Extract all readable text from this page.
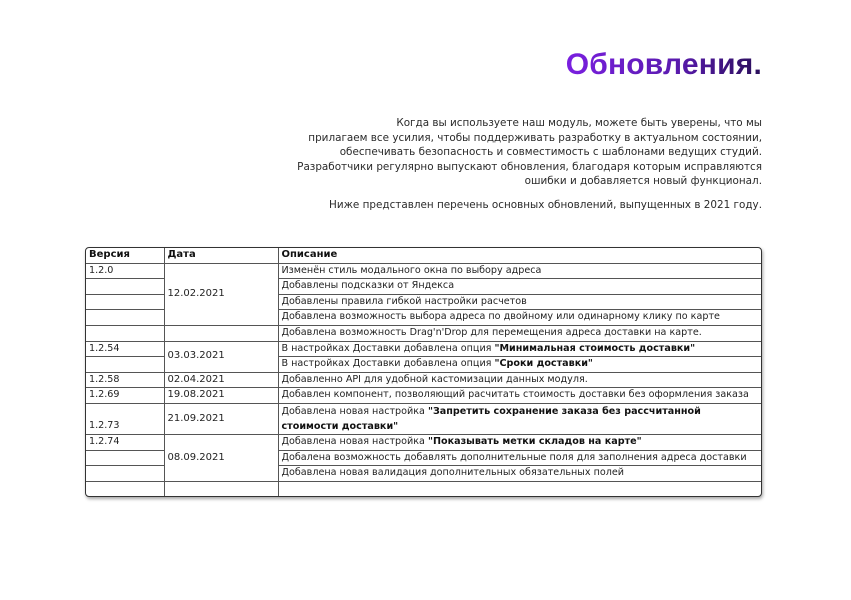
Обновления.

Когда вы используете наш модуль, можете быть уверены, что мы
прилагаем все усилия, чтобы поддерживать разработку в актуальном состоянии,
обеспечивать безопасность и совместимость с шаблонами ведущих студий.
Разработчики регулярно выпускают обновления, благодаря которым исправляются
ошибки и добавляется новый функционал.

Ниже представлен перечень основных обновлений, выпущенных в 2021 году.

Версия	Дата	Описание
1.2.0	12.02.2021	Изменён стиль модального окна по выбору адреса
		Добавлены подсказки от Яндекса
		Добавлены правила гибкой настройки расчетов
		Добавлена возможность выбора адреса по двойному или одинарному клику по карте
		Добавлена возможность Drag'n'Drop для перемещения адреса доставки на карте.
1.2.54	03.03.2021	В настройках Доставки добавлена опция "Минимальная стоимость доставки"
		В настройках Доставки добавлена опция "Сроки доставки"
1.2.58	02.04.2021	Добавленно API для удобной кастомизации данных модуля.
1.2.69	19.08.2021	Добавлен компонент, позволяющий расчитать стоимость доставки без оформления заказа
1.2.73	21.09.2021	Добавлена новая настройка "Запретить сохранение заказа без рассчитанной стоимости доставки"
1.2.74	08.09.2021	Добавлена новая настройка "Показывать метки складов на карте"
		Добалена возможность добавлять дополнительные поля для заполнения адреса доставки
		Добавлена новая валидация дополнительных обязательных полей
